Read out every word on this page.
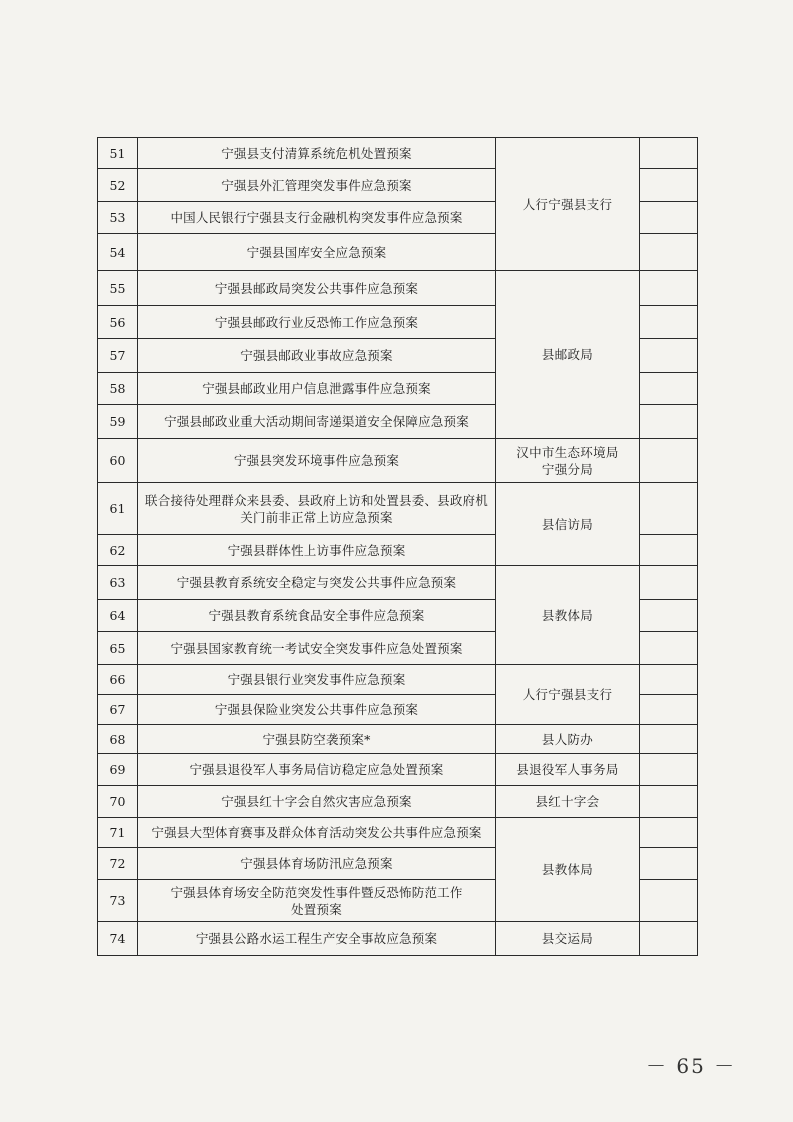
51	宁强县支付清算系统危机处置预案	人行宁强县支行	
52	宁强县外汇管理突发事件应急预案		
53	中国人民银行宁强县支行金融机构突发事件应急预案		
54	宁强县国库安全应急预案		
55	宁强县邮政局突发公共事件应急预案	县邮政局	
56	宁强县邮政行业反恐怖工作应急预案		
57	宁强县邮政业事故应急预案		
58	宁强县邮政业用户信息泄露事件应急预案		
59	宁强县邮政业重大活动期间寄递渠道安全保障应急预案		
60	宁强县突发环境事件应急预案	汉中市生态环境局宁强分局	
61	联合接待处理群众来县委、县政府上访和处置县委、县政府机关门前非正常上访应急预案	县信访局	
62	宁强县群体性上访事件应急预案		
63	宁强县教育系统安全稳定与突发公共事件应急预案	县教体局	
64	宁强县教育系统食品安全事件应急预案		
65	宁强县国家教育统一考试安全突发事件应急处置预案		
66	宁强县银行业突发事件应急预案	人行宁强县支行	
67	宁强县保险业突发公共事件应急预案		
68	宁强县防空袭预案*	县人防办	
69	宁强县退役军人事务局信访稳定应急处置预案	县退役军人事务局	
70	宁强县红十字会自然灾害应急预案	县红十字会	
71	宁强县大型体育赛事及群众体育活动突发公共事件应急预案	县教体局	
72	宁强县体育场防汛应急预案		
73	宁强县体育场安全防范突发性事件暨反恐怖防范工作处置预案		
74	宁强县公路水运工程生产安全事故应急预案	县交运局	
－ 65 －
